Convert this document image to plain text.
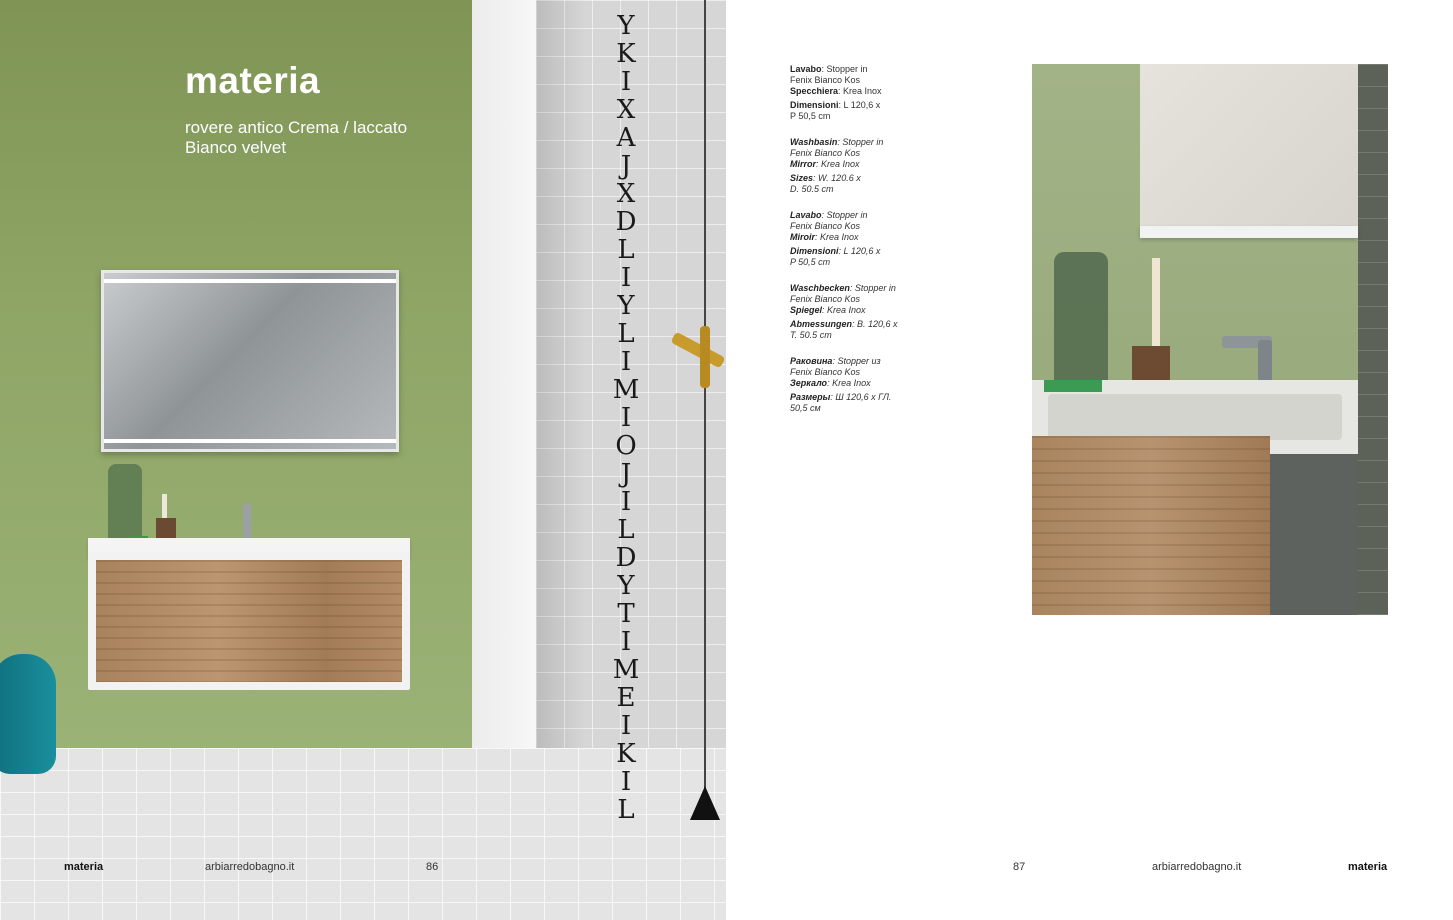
materia
rovere antico Crema / laccato Bianco velvet
Y
K
I
X
A
J
X
D
L
I
Y
L
I
M
I
O
J
I
L
D
Y
T
I
M
E
I
K
I
L
materia	arbiarredobagno.it	86
Lavabo: Stopper in
Fenix Bianco Kos
Specchiera: Krea Inox
Dimensioni: L 120,6 x
P 50,5 cm
Washbasin: Stopper in
Fenix Bianco Kos
Mirror: Krea Inox
Sizes: W. 120.6 x
D. 50.5 cm
Lavabo: Stopper in
Fenix Bianco Kos
Miroir: Krea Inox
Dimensioni: L 120,6 x
P 50,5 cm
Waschbecken: Stopper in
Fenix Bianco Kos
Spiegel: Krea Inox
Abmessungen: B. 120,6 x
T. 50.5 cm
Раковина: Stopper из
Fenix Bianco Kos
Зеркало: Krea Inox
Размеры: Ш 120,6 x ГЛ.
50,5 см
87	arbiarredobagno.it	materia
